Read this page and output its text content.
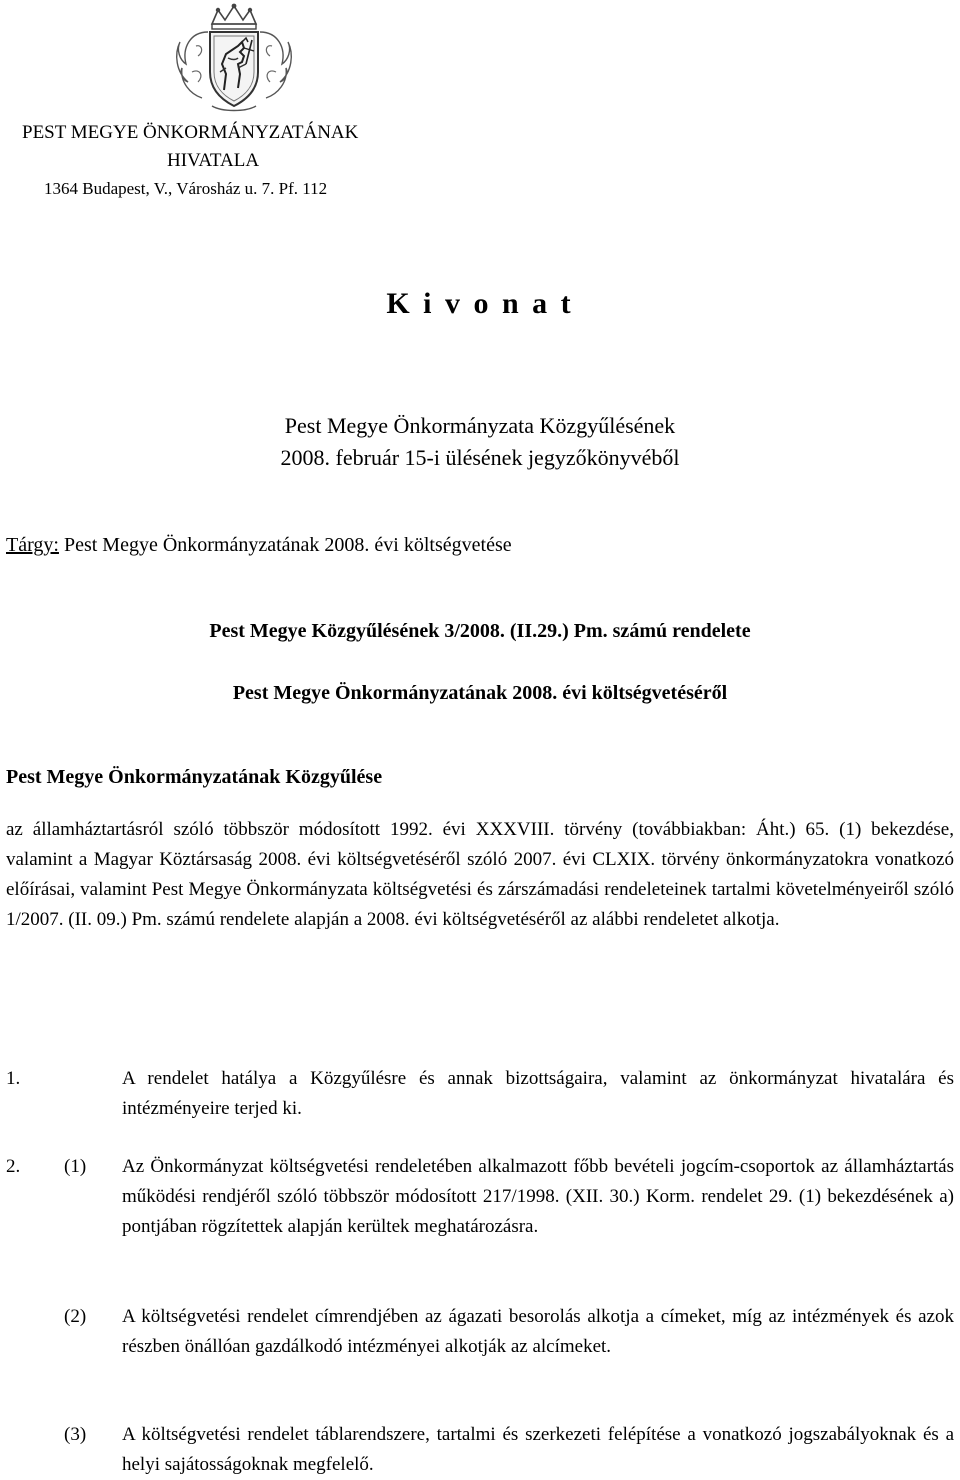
PEST MEGYE ÖNKORMÁNYZATÁNAK
HIVATALA
1364 Budapest, V., Városház u. 7. Pf. 112
K i v o n a t
Pest Megye Önkormányzata Közgyűlésének
2008. február 15-i ülésének jegyzőkönyvéből
Tárgy: Pest Megye Önkormányzatának 2008. évi költségvetése
Pest Megye Közgyűlésének 3/2008. (II.29.) Pm. számú rendelete
Pest Megye Önkormányzatának 2008. évi költségvetéséről
Pest Megye Önkormányzatának Közgyűlése
az államháztartásról szóló többször módosított 1992. évi XXXVIII. törvény (továbbiakban: Áht.) 65. (1) bekezdése, valamint a Magyar Köztársaság 2008. évi költségvetéséről szóló 2007. évi CLXIX. törvény önkormányzatokra vonatkozó előírásai, valamint Pest Megye Önkormányzata költségvetési és zárszámadási rendeleteinek tartalmi követelményeiről szóló 1/2007. (II. 09.) Pm. számú rendelete alapján a 2008. évi költségvetéséről az alábbi rendeletet alkotja.
1.	A rendelet hatálya a Közgyűlésre és annak bizottságaira, valamint az önkormányzat hivatalára és intézményeire terjed ki.
2. (1) Az Önkormányzat költségvetési rendeletében alkalmazott főbb bevételi jogcím-csoportok az államháztartás működési rendjéről szóló többször módosított 217/1998. (XII. 30.) Korm. rendelet 29. (1) bekezdésének a) pontjában rögzítettek alapján kerültek meghatározásra.
(2) A költségvetési rendelet címrendjében az ágazati besorolás alkotja a címeket, míg az intézmények és azok részben önállóan gazdálkodó intézményei alkotják az alcímeket.
(3) A költségvetési rendelet táblarendszere, tartalmi és szerkezeti felépítése a vonatkozó jogszabályoknak és a helyi sajátosságoknak megfelelő.
